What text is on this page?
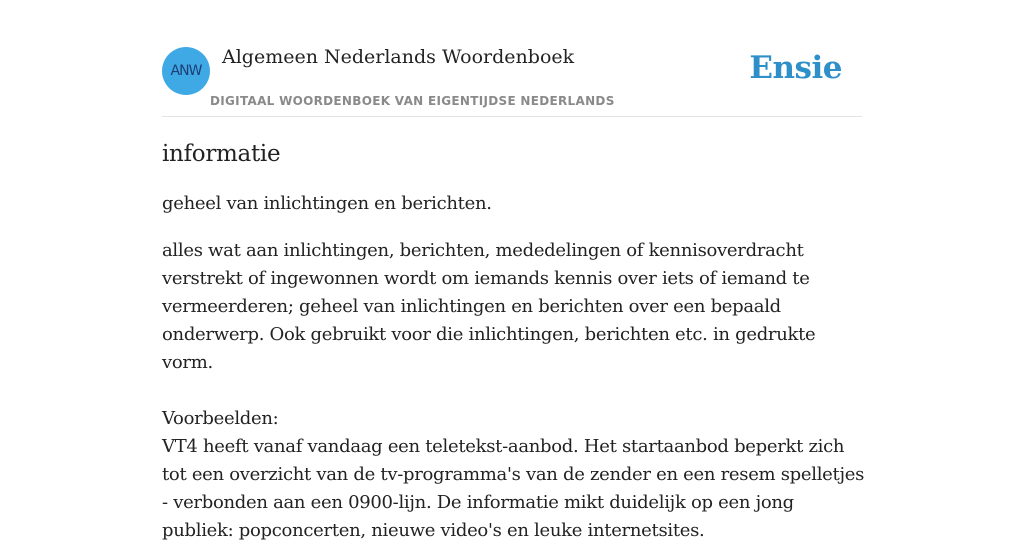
ANW
Algemeen Nederlands Woordenboek
DIGITAAL WOORDENBOEK VAN EIGENTIJDSE NEDERLANDS
Ensie
informatie

geheel van inlichtingen en berichten.

alles wat aan inlichtingen, berichten, mededelingen of kennisoverdracht verstrekt of ingewonnen wordt om iemands kennis over iets of iemand te vermeerderen; geheel van inlichtingen en berichten over een bepaald onderwerp. Ook gebruikt voor die inlichtingen, berichten etc. in gedrukte vorm.

Voorbeelden:

VT4 heeft vanaf vandaag een teletekst-aanbod. Het startaanbod beperkt zich tot een overzicht van de tv-programma's van de zender en een resem spelletjes - verbonden aan een 0900-lijn. De informatie mikt duidelijk op een jong publiek: popconcerten, nieuwe video's en leuke internetsites.
